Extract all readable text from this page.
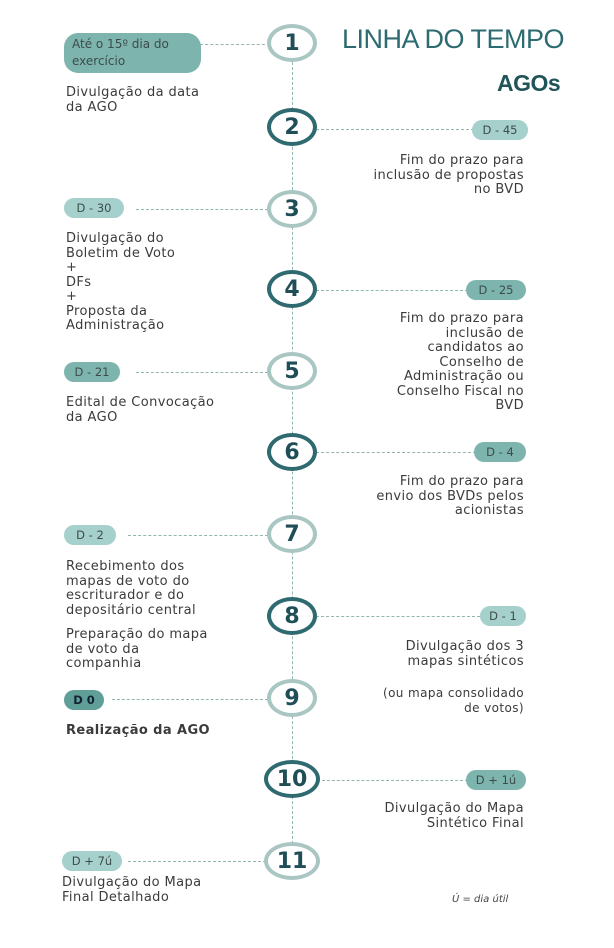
LINHA DO TEMPO
AGOs
Até o 15º dia do exercício
1
Divulgação da data
da AGO
2	D - 45
Fim do prazo para
inclusão de propostas
no BVD
D - 30	3
Divulgação do
Boletim de Voto
+
DFs
+
Proposta da
Administração
4	D - 25
Fim do prazo para
inclusão de
candidatos ao
Conselho de
Administração ou
Conselho Fiscal no
BVD
D - 21	5
Edital de Convocação
da AGO
6	D - 4
Fim do prazo para
envio dos BVDs pelos
acionistas
D - 2	7
Recebimento dos
mapas de voto do
escriturador e do
depositário central	8	D - 1
Divulgação dos 3
mapas sintéticos
Preparação do mapa
de voto da
companhia
D 0	9
Realização da AGO
(ou mapa consolidado
de votos)
10	D + 1ú
Divulgação do Mapa
Sintético Final
D + 7ú	11
Divulgação do Mapa
Final Detalhado	Ú = dia útil
